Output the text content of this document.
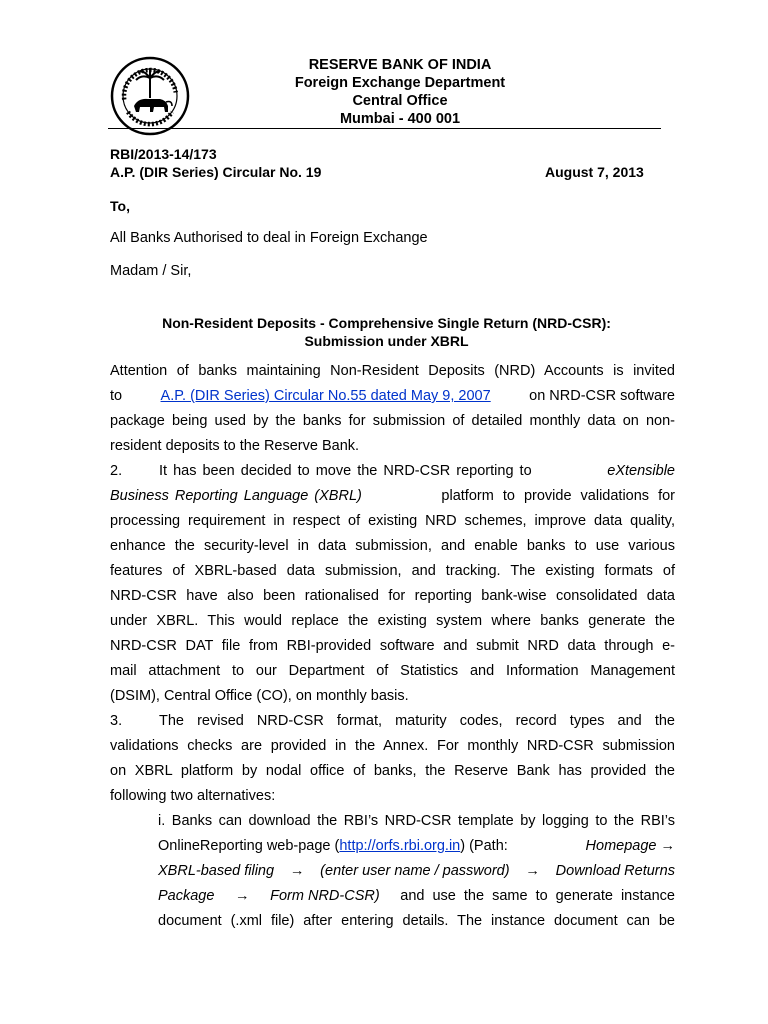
RESERVE BANK OF INDIA
Foreign Exchange Department
Central Office
Mumbai - 400 001
RBI/2013-14/173
A.P. (DIR Series) Circular No. 19	August 7, 2013
To,
All Banks Authorised to deal in Foreign Exchange
Madam / Sir,
Non-Resident Deposits - Comprehensive Single Return (NRD-CSR):
Submission under XBRL
Attention of banks maintaining Non-Resident Deposits (NRD) Accounts is invited
to	A.P. (DIR Series) Circular No.55 dated May 9, 2007	on NRD-CSR software
package being used by the banks for submission of detailed monthly data on non-
resident deposits to the Reserve Bank.
2.	It has been decided to move the NRD-CSR reporting to	eXtensible
Business Reporting Language (XBRL)	platform to provide validations for
processing requirement in respect of existing NRD schemes, improve data quality,
enhance the security-level in data submission, and enable banks to use various
features of XBRL-based data submission, and tracking. The existing formats of
NRD-CSR have also been rationalised for reporting bank-wise consolidated data
under XBRL. This would replace the existing system where banks generate the
NRD-CSR DAT file from RBI-provided software and submit NRD data through e-
mail attachment to our Department of Statistics and Information Management
(DSIM), Central Office (CO), on monthly basis.
3.	The revised NRD-CSR format, maturity codes, record types and the
validations checks are provided in the Annex. For monthly NRD-CSR submission
on XBRL platform by nodal office of banks, the Reserve Bank has provided the
following two alternatives:
i. Banks can download the RBI’s NRD-CSR template by logging to the RBI’s
OnlineReporting web-page (http://orfs.rbi.org.in) (Path:	Homepage →
XBRL-based filing → (enter user name / password) → Download Returns
Package → Form NRD-CSR) and use the same to generate instance
document (.xml file) after entering details. The instance document can be
